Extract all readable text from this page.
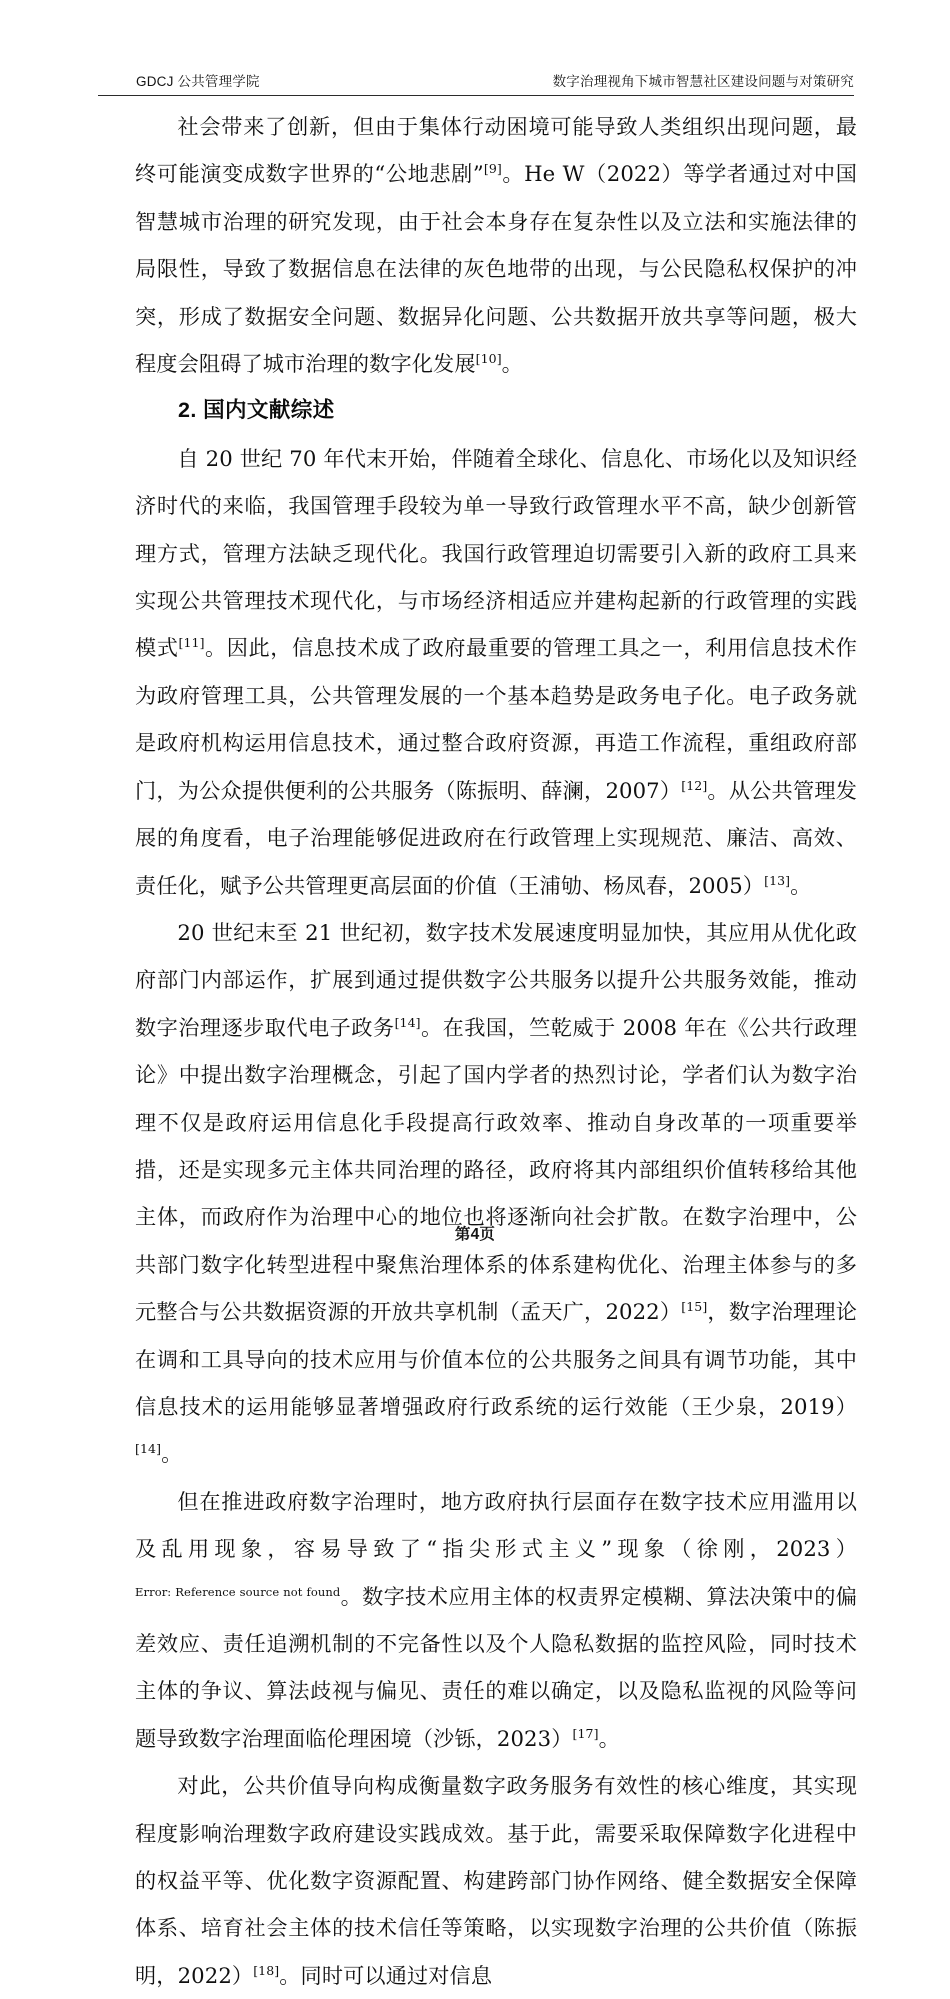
GDCJ 公共管理学院	数字治理视角下城市智慧社区建设问题与对策研究

社会带来了创新，但由于集体行动困境可能导致人类组织出现问题，最终可能演变成数字世界的“公地悲剧”[9]。He W（2022）等学者通过对中国智慧城市治理的研究发现，由于社会本身存在复杂性以及立法和实施法律的局限性，导致了数据信息在法律的灰色地带的出现，与公民隐私权保护的冲突，形成了数据安全问题、数据异化问题、公共数据开放共享等问题，极大程度会阻碍了城市治理的数字化发展[10]。

2. 国内文献综述

自 20 世纪 70 年代末开始，伴随着全球化、信息化、市场化以及知识经济时代的来临，我国管理手段较为单一导致行政管理水平不高，缺少创新管理方式，管理方法缺乏现代化。我国行政管理迫切需要引入新的政府工具来实现公共管理技术现代化，与市场经济相适应并建构起新的行政管理的实践模式[11]。因此，信息技术成了政府最重要的管理工具之一，利用信息技术作为政府管理工具，公共管理发展的一个基本趋势是政务电子化。电子政务就是政府机构运用信息技术，通过整合政府资源，再造工作流程，重组政府部门，为公众提供便利的公共服务（陈振明、薛澜，2007）[12]。从公共管理发展的角度看，电子治理能够促进政府在行政管理上实现规范、廉洁、高效、责任化，赋予公共管理更高层面的价值（王浦劬、杨凤春，2005）[13]。

20 世纪末至 21 世纪初，数字技术发展速度明显加快，其应用从优化政府部门内部运作，扩展到通过提供数字公共服务以提升公共服务效能，推动数字治理逐步取代电子政务[14]。在我国，竺乾威于 2008 年在《公共行政理论》中提出数字治理概念，引起了国内学者的热烈讨论，学者们认为数字治理不仅是政府运用信息化手段提高行政效率、推动自身改革的一项重要举措，还是实现多元主体共同治理的路径，政府将其内部组织价值转移给其他主体，而政府作为治理中心的地位也将逐渐向社会扩散。在数字治理中，公共部门数字化转型进程中聚焦治理体系的体系建构优化、治理主体参与的多元整合与公共数据资源的开放共享机制（孟天广，2022）[15]，数字治理理论在调和工具导向的技术应用与价值本位的公共服务之间具有调节功能，其中信息技术的运用能够显著增强政府行政系统的运行效能（王少泉，2019）[14]。

但在推进政府数字治理时，地方政府执行层面存在数字技术应用滥用以及乱用现象，容易导致了“指尖形式主义”现象（徐刚，2023）$^{Error: Reference source not found}$。数字技术应用主体的权责界定模糊、算法决策中的偏差效应、责任追溯机制的不完备性以及个人隐私数据的监控风险，同时技术主体的争议、算法歧视与偏见、责任的难以确定，以及隐私监视的风险等问题导致数字治理面临伦理困境（沙铄，2023）[17]。

对此，公共价值导向构成衡量数字政务服务有效性的核心维度，其实现程度影响治理数字政府建设实践成效。基于此，需要采取保障数字化进程中的权益平等、优化数字资源配置、构建跨部门协作网络、健全数据安全保障体系、培育社会主体的技术信任等策略，以实现数字治理的公共价值（陈振明，2022）[18]。同时可以通过对信息

第4页
